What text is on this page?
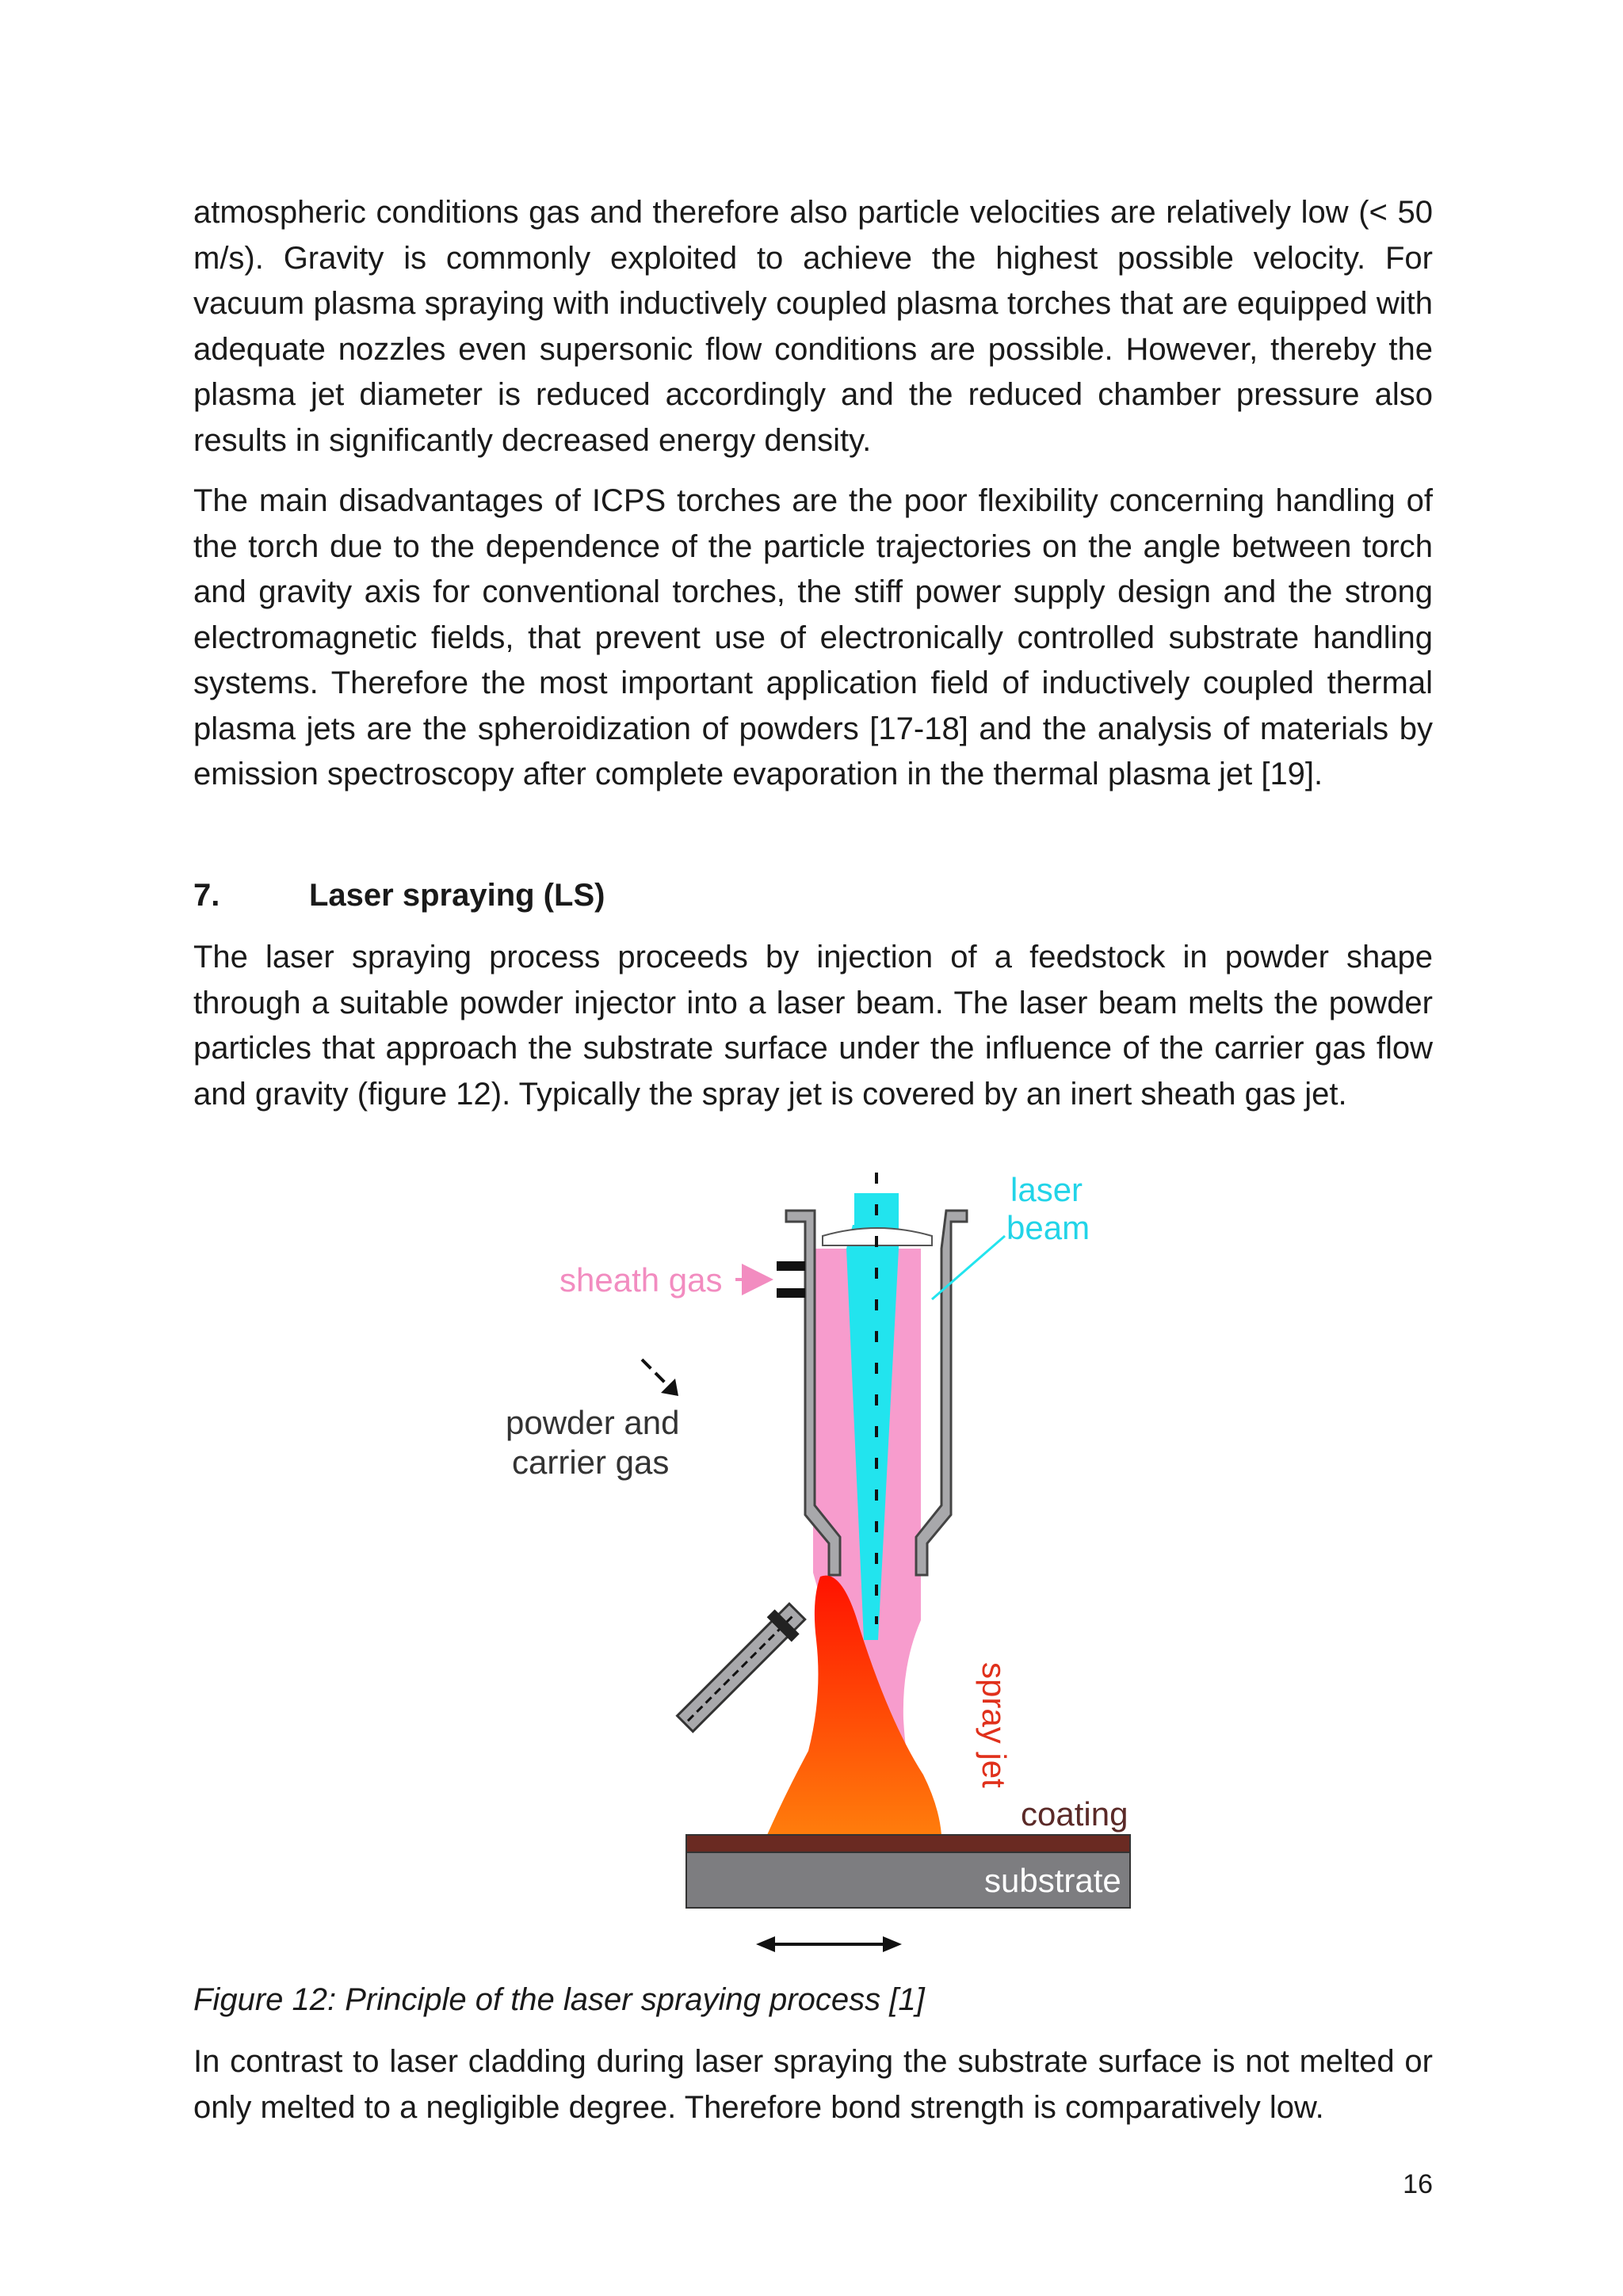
atmospheric conditions gas and therefore also particle velocities are relatively low (< 50 m/s). Gravity is commonly exploited to achieve the highest possible velocity. For vacuum plasma spraying with inductively coupled plasma torches that are equipped with adequate nozzles even supersonic flow conditions are possible. However, thereby the plasma jet diameter is reduced accordingly and the reduced chamber pressure also results in significantly decreased energy density.

The main disadvantages of ICPS torches are the poor flexibility concerning handling of the torch due to the dependence of the particle trajectories on the angle between torch and gravity axis for conventional torches, the stiff power supply design and the strong electromagnetic fields, that prevent use of electronically controlled substrate handling systems. Therefore the most important application field of inductively coupled thermal plasma jets are the spheroidization of powders [17-18] and the analysis of materials by emission spectroscopy after complete evaporation in the thermal plasma jet [19].

7.	Laser spraying (LS)

The laser spraying process proceeds by injection of a feedstock in powder shape through a suitable powder injector into a laser beam. The laser beam melts the powder particles that approach the substrate surface under the influence of the carrier gas flow and gravity (figure 12). Typically the spray jet is covered by an inert sheath gas jet.

laser
beam
sheath gas
powder and
carrier gas
spray jet
coating
substrate

Figure 12: Principle of the laser spraying process [1]

In contrast to laser cladding during laser spraying the substrate surface is not melted or only melted to a negligible degree. Therefore bond strength is comparatively low.

16
